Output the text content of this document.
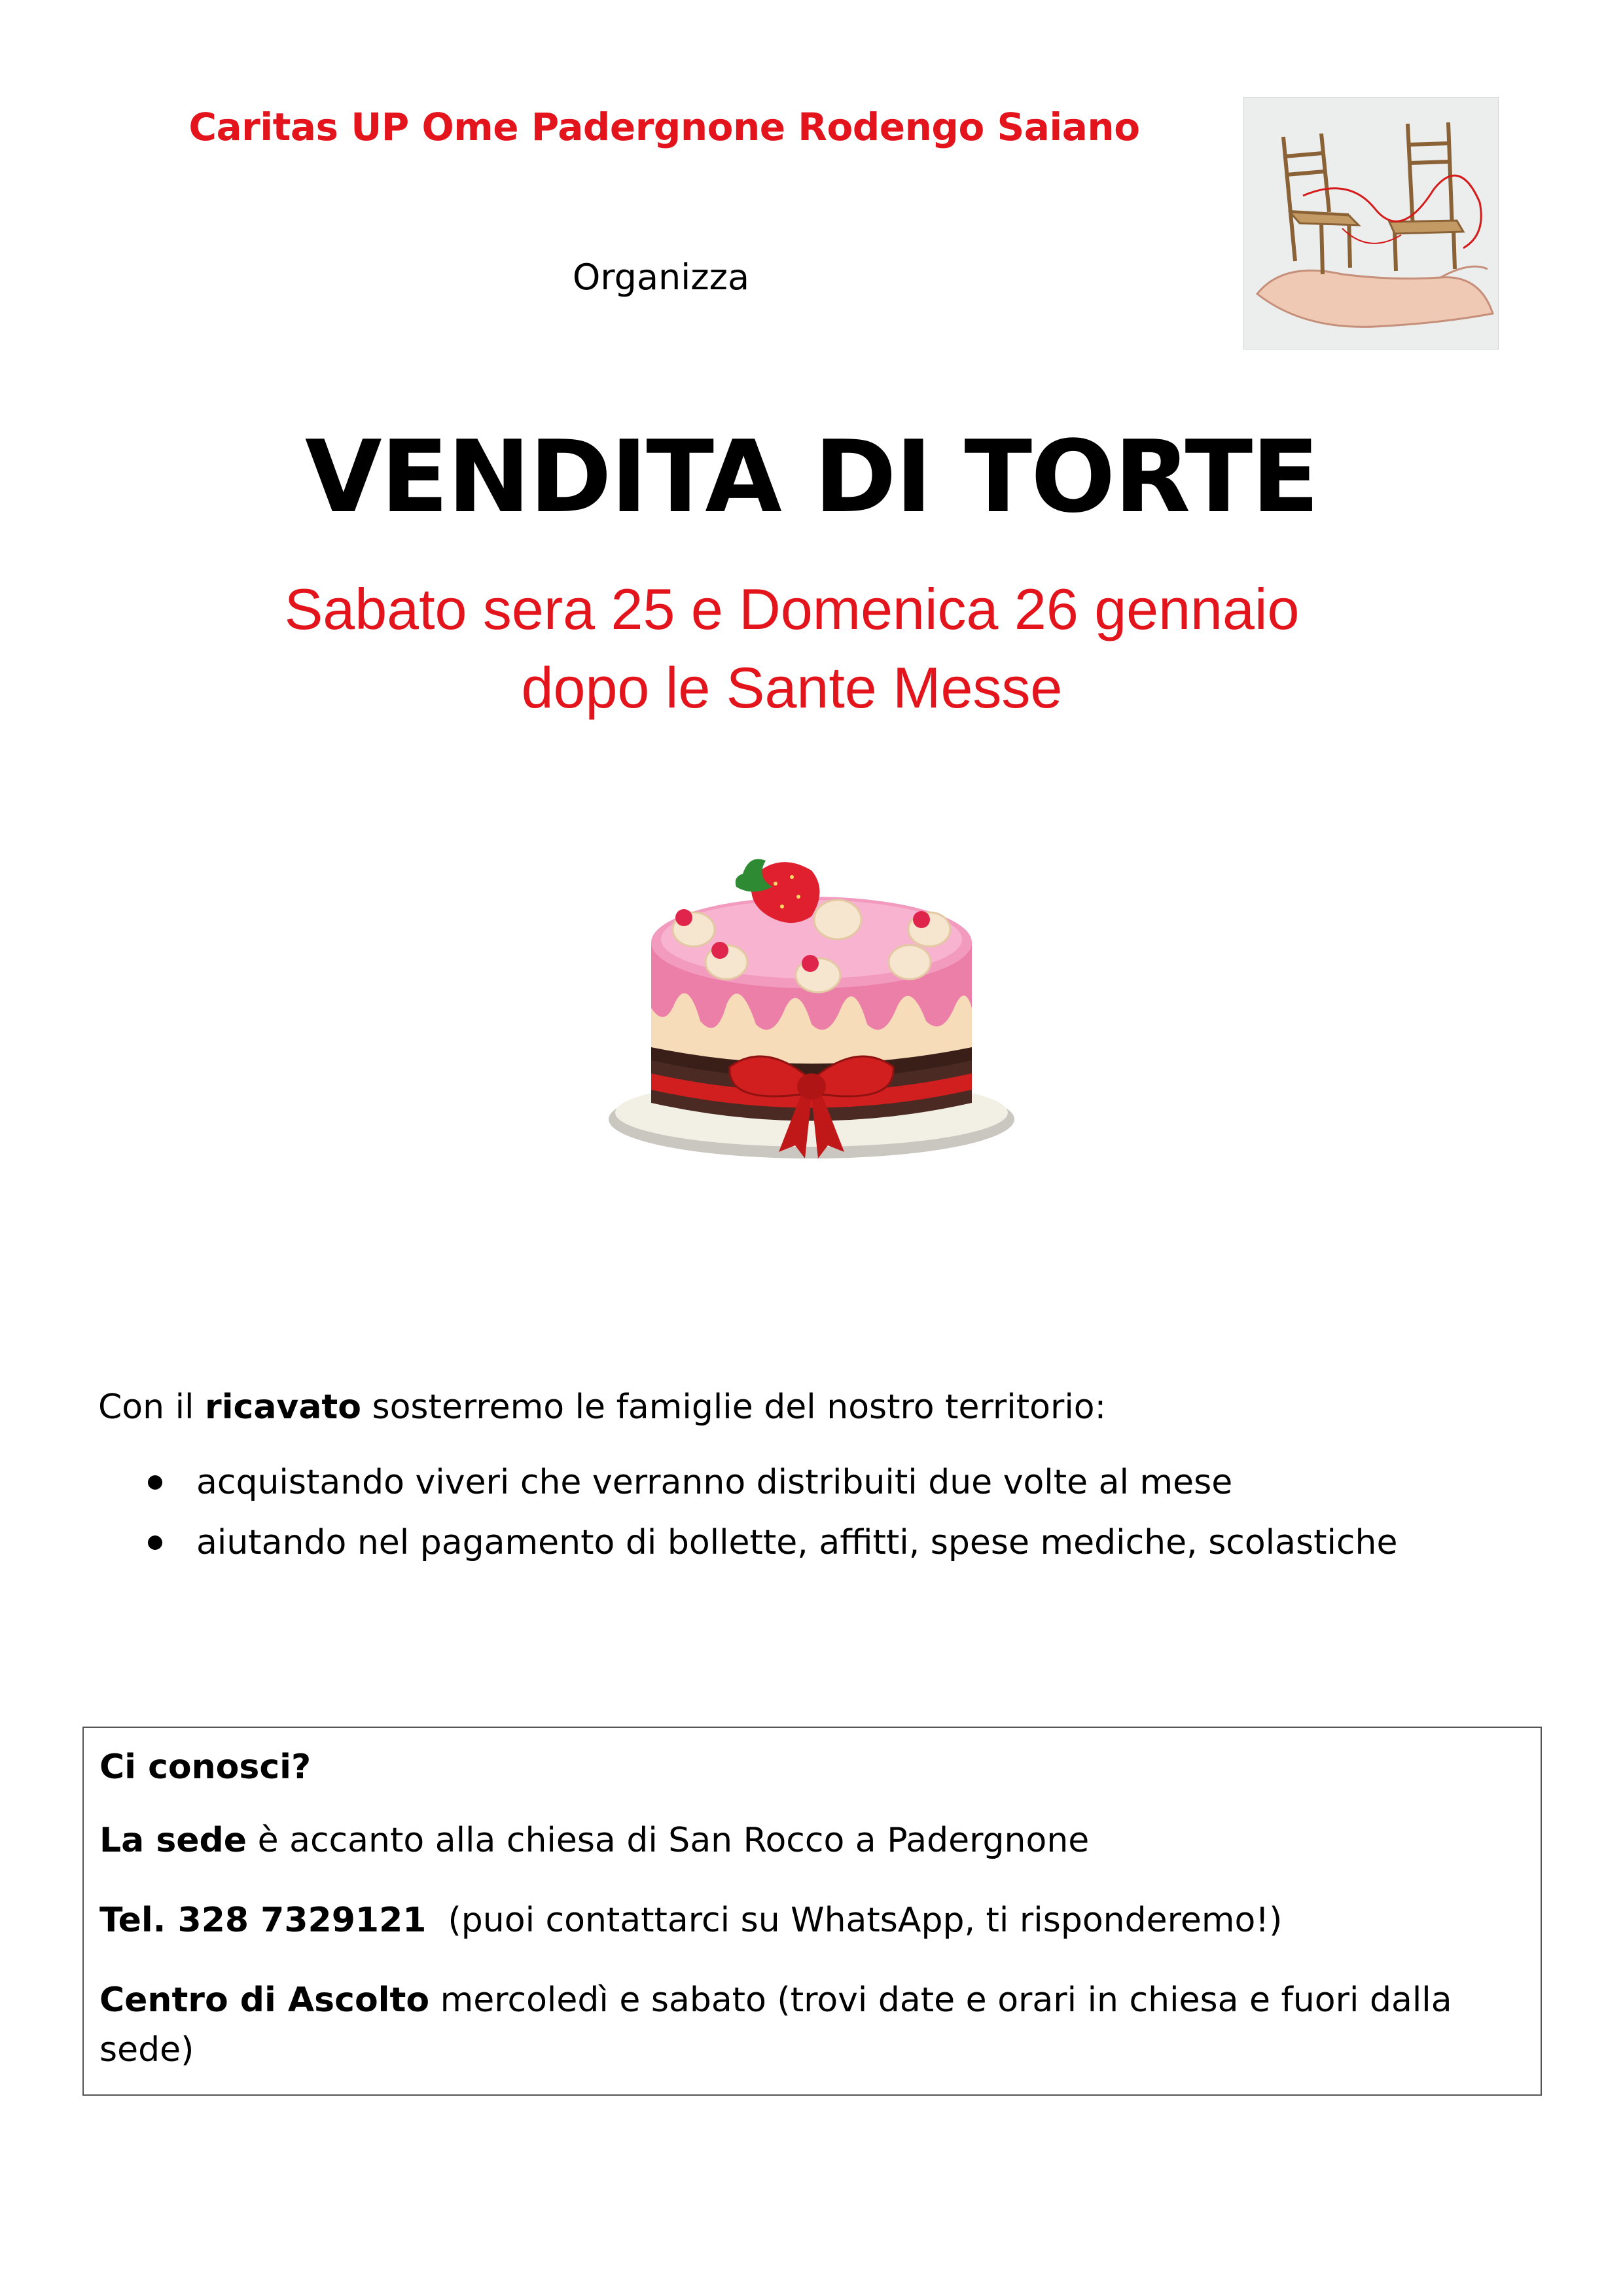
Caritas UP Ome Padergnone Rodengo Saiano
Organizza
VENDITA DI TORTE
Sabato sera 25 e Domenica 26 gennaio
dopo le Sante Messe
Con il ricavato sosterremo le famiglie del nostro territorio:
acquistando viveri che verranno distribuiti due volte al mese
aiutando nel pagamento di bollette, affitti, spese mediche, scolastiche
Ci conosci?
La sede è accanto alla chiesa di San Rocco a Padergnone
Tel. 328 7329121  (puoi contattarci su WhatsApp, ti risponderemo!)
Centro di Ascolto mercoledì e sabato (trovi date e orari in chiesa e fuori dalla sede)
